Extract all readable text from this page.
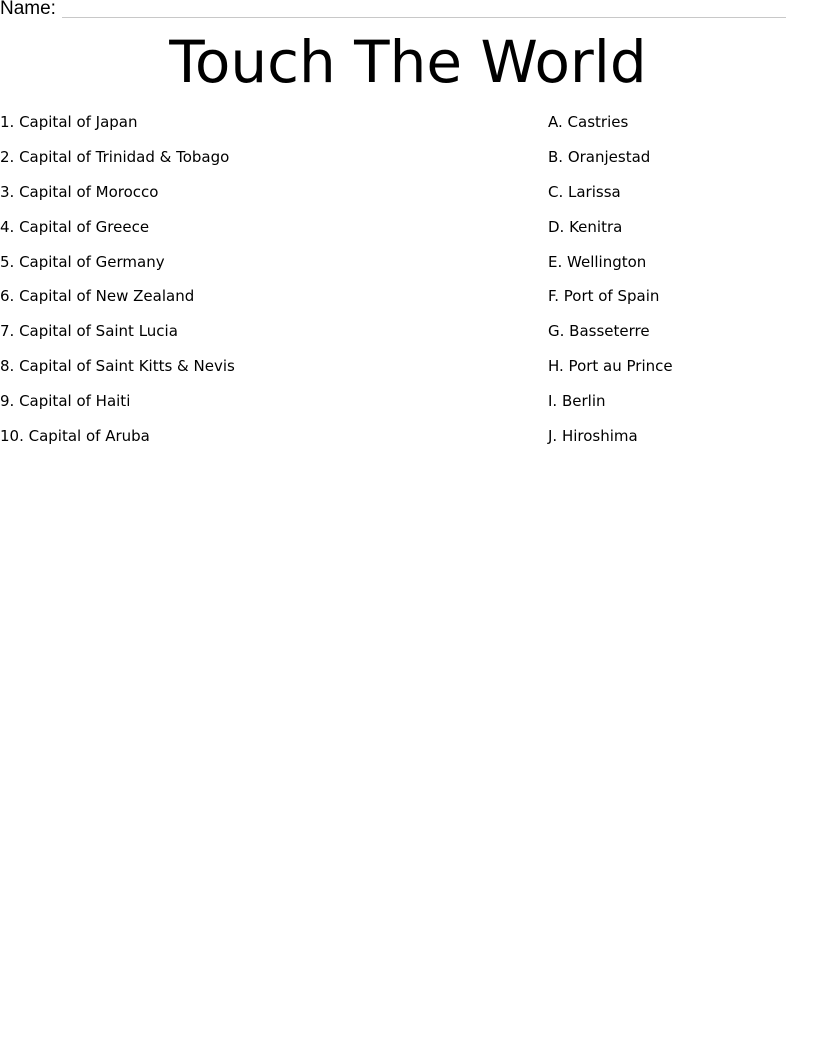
Name:
Touch The World
1. Capital of Japan
2. Capital of Trinidad & Tobago
3. Capital of Morocco
4. Capital of Greece
5. Capital of Germany
6. Capital of New Zealand
7. Capital of Saint Lucia
8. Capital of Saint Kitts & Nevis
9. Capital of Haiti
10. Capital of Aruba
A. Castries
B. Oranjestad
C. Larissa
D. Kenitra
E. Wellington
F. Port of Spain
G. Basseterre
H. Port au Prince
I. Berlin
J. Hiroshima
